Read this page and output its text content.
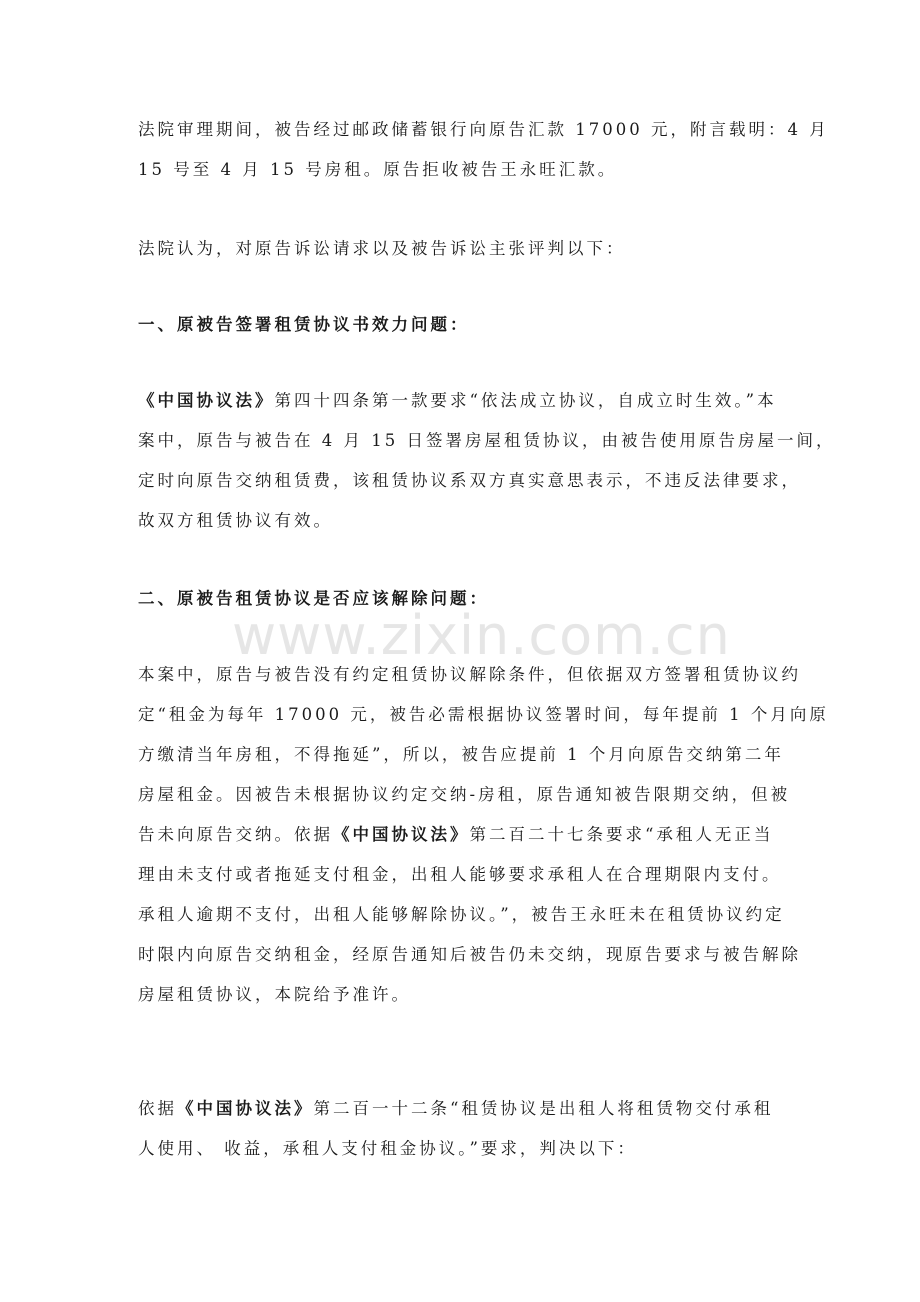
www.zixin.com.cn
法院审理期间，被告经过邮政储蓄银行向原告汇款 17000 元，附言载明：4 月
15 号至 4 月 15 号房租。原告拒收被告王永旺汇款。
法院认为，对原告诉讼请求以及被告诉讼主张评判以下：
一、原被告签署租赁协议书效力问题：
《中国协议法》第四十四条第一款要求“依法成立协议，自成立时生效。”本
案中，原告与被告在 4 月 15 日签署房屋租赁协议，由被告使用原告房屋一间，
定时向原告交纳租赁费，该租赁协议系双方真实意思表示，不违反法律要求，
故双方租赁协议有效。
二、原被告租赁协议是否应该解除问题：
本案中，原告与被告没有约定租赁协议解除条件，但依据双方签署租赁协议约
定“租金为每年 17000 元，被告必需根据协议签署时间，每年提前 1 个月向原
方缴清当年房租，不得拖延”，所以，被告应提前 1 个月向原告交纳第二年
房屋租金。因被告未根据协议约定交纳-房租，原告通知被告限期交纳，但被
告未向原告交纳。依据《中国协议法》第二百二十七条要求“承租人无正当
理由未支付或者拖延支付租金，出租人能够要求承租人在合理期限内支付。
承租人逾期不支付，出租人能够解除协议。”，被告王永旺未在租赁协议约定
时限内向原告交纳租金，经原告通知后被告仍未交纳，现原告要求与被告解除
房屋租赁协议，本院给予准许。
依据《中国协议法》第二百一十二条“租赁协议是出租人将租赁物交付承租
人使用、 收益，承租人支付租金协议。”要求，判决以下：
